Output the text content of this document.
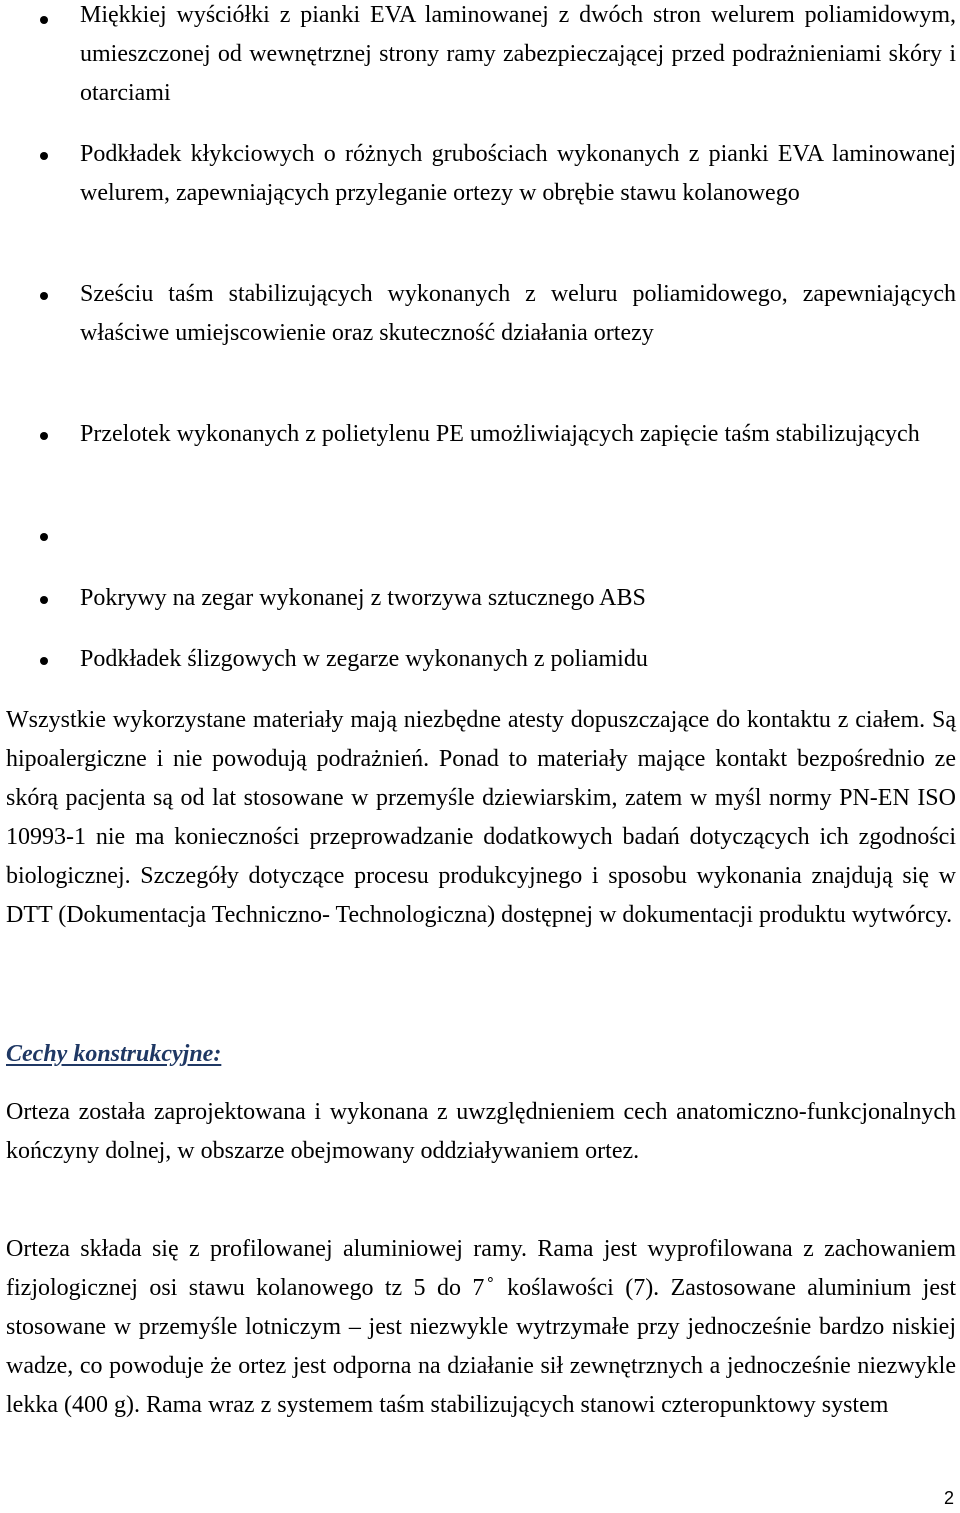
Miękkiej wyściółki z pianki EVA laminowanej z dwóch stron welurem poliamidowym, umieszczonej od wewnętrznej strony ramy zabezpieczającej przed podrażnieniami skóry i otarciami
Podkładek kłykciowych o różnych grubościach wykonanych z pianki EVA laminowanej welurem, zapewniających przyleganie ortezy w obrębie stawu kolanowego
Sześciu taśm stabilizujących wykonanych z weluru poliamidowego, zapewniających właściwe umiejscowienie oraz skuteczność działania ortezy
Przelotek wykonanych z polietylenu PE umożliwiających zapięcie taśm stabilizujących
Pokrywy na zegar wykonanej z tworzywa sztucznego ABS
Podkładek ślizgowych w zegarze wykonanych z poliamidu

Wszystkie wykorzystane materiały mają niezbędne atesty dopuszczające do kontaktu z ciałem. Są hipoalergiczne i nie powodują podrażnień. Ponad to materiały mające kontakt bezpośrednio ze skórą pacjenta są od lat stosowane w przemyśle dziewiarskim, zatem w myśl normy PN-EN ISO 10993-1 nie ma konieczności przeprowadzanie dodatkowych badań dotyczących ich zgodności biologicznej. Szczegóły dotyczące procesu produkcyjnego i sposobu wykonania znajdują się w DTT (Dokumentacja Techniczno- Technologiczna) dostępnej w dokumentacji produktu wytwórcy.

Cechy konstrukcyjne:

Orteza została zaprojektowana i wykonana z uwzględnieniem cech anatomiczno-funkcjonalnych kończyny dolnej, w obszarze obejmowany oddziaływaniem ortez.

Orteza składa się z profilowanej aluminiowej ramy. Rama jest wyprofilowana z zachowaniem fizjologicznej osi stawu kolanowego tz 5 do 7 ̊ koślawości (7). Zastosowane aluminium jest stosowane w przemyśle lotniczym – jest niezwykle wytrzymałe przy jednocześnie bardzo niskiej wadze, co powoduje że ortez jest odporna na działanie sił zewnętrznych a jednocześnie niezwykle lekka (400 g). Rama wraz z systemem taśm stabilizujących stanowi czteropunktowy system

2
